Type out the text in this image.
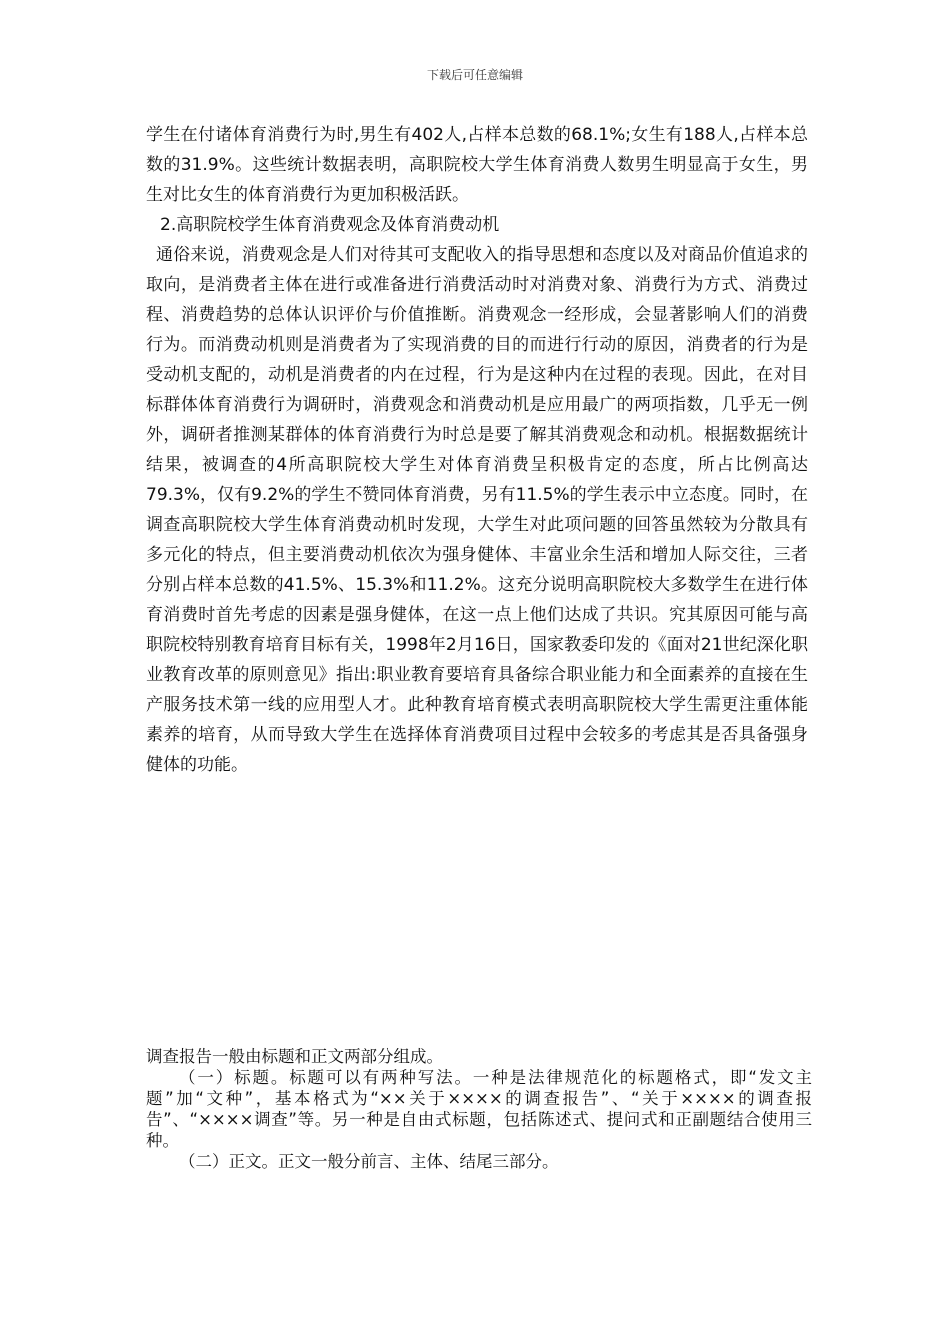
下载后可任意编辑

学生在付诸体育消费行为时,男生有402人,占样本总数的68.1%;女生有188人,占样本总数的31.9%。这些统计数据表明，高职院校大学生体育消费人数男生明显高于女生，男生对比女生的体育消费行为更加积极活跃。

2.高职院校学生体育消费观念及体育消费动机

通俗来说，消费观念是人们对待其可支配收入的指导思想和态度以及对商品价值追求的取向，是消费者主体在进行或准备进行消费活动时对消费对象、消费行为方式、消费过程、消费趋势的总体认识评价与价值推断。消费观念一经形成，会显著影响人们的消费行为。而消费动机则是消费者为了实现消费的目的而进行行动的原因，消费者的行为是受动机支配的，动机是消费者的内在过程，行为是这种内在过程的表现。因此，在对目标群体体育消费行为调研时，消费观念和消费动机是应用最广的两项指数，几乎无一例外，调研者推测某群体的体育消费行为时总是要了解其消费观念和动机。根据数据统计结果，被调查的4所高职院校大学生对体育消费呈积极肯定的态度，所占比例高达79.3%，仅有9.2%的学生不赞同体育消费，另有11.5%的学生表示中立态度。同时，在调查高职院校大学生体育消费动机时发现，大学生对此项问题的回答虽然较为分散具有多元化的特点，但主要消费动机依次为强身健体、丰富业余生活和增加人际交往，三者分别占样本总数的41.5%、15.3%和11.2%。这充分说明高职院校大多数学生在进行体育消费时首先考虑的因素是强身健体，在这一点上他们达成了共识。究其原因可能与高职院校特别教育培育目标有关，1998年2月16日，国家教委印发的《面对21世纪深化职业教育改革的原则意见》指出:职业教育要培育具备综合职业能力和全面素养的直接在生产服务技术第一线的应用型人才。此种教育培育模式表明高职院校大学生需更注重体能素养的培育，从而导致大学生在选择体育消费项目过程中会较多的考虑其是否具备强身健体的功能。

调查报告一般由标题和正文两部分组成。

（一）标题。标题可以有两种写法。一种是法律规范化的标题格式，即“发文主题”加“文种”，基本格式为“××关于××××的调查报告”、“关于××××的调查报告”、“××××调查”等。另一种是自由式标题，包括陈述式、提问式和正副题结合使用三种。

（二）正文。正文一般分前言、主体、结尾三部分。
